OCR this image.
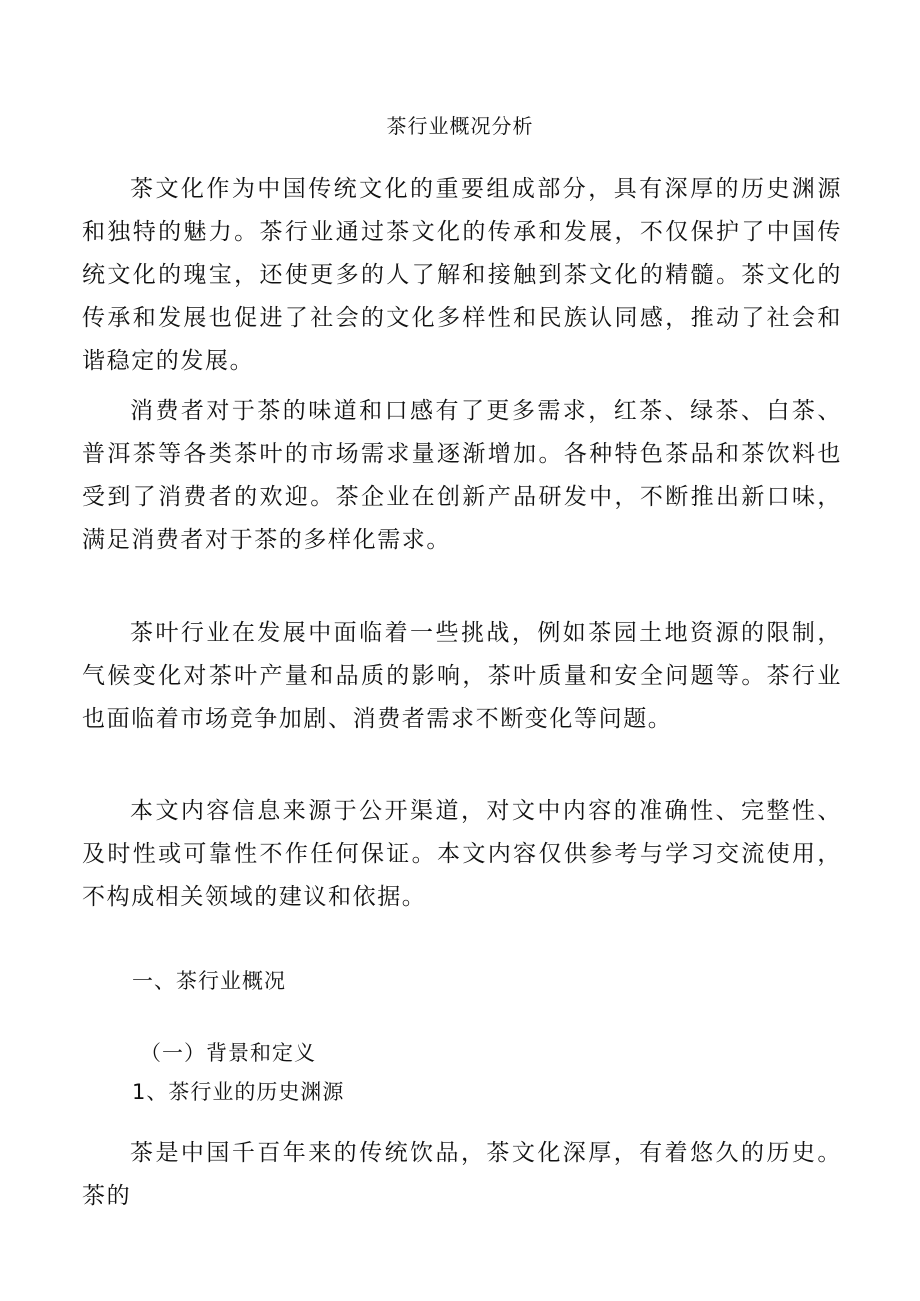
茶行业概况分析

茶文化作为中国传统文化的重要组成部分，具有深厚的历史渊源和独特的魅力。茶行业通过茶文化的传承和发展，不仅保护了中国传统文化的瑰宝，还使更多的人了解和接触到茶文化的精髓。茶文化的传承和发展也促进了社会的文化多样性和民族认同感，推动了社会和谐稳定的发展。

消费者对于茶的味道和口感有了更多需求，红茶、绿茶、白茶、普洱茶等各类茶叶的市场需求量逐渐增加。各种特色茶品和茶饮料也受到了消费者的欢迎。茶企业在创新产品研发中，不断推出新口味，满足消费者对于茶的多样化需求。

茶叶行业在发展中面临着一些挑战，例如茶园土地资源的限制，气候变化对茶叶产量和品质的影响，茶叶质量和安全问题等。茶行业也面临着市场竞争加剧、消费者需求不断变化等问题。

本文内容信息来源于公开渠道，对文中内容的准确性、完整性、及时性或可靠性不作任何保证。本文内容仅供参考与学习交流使用，不构成相关领域的建议和依据。

一、茶行业概况
（一）背景和定义
1、茶行业的历史渊源

茶是中国千百年来的传统饮品，茶文化深厚，有着悠久的历史。茶的
